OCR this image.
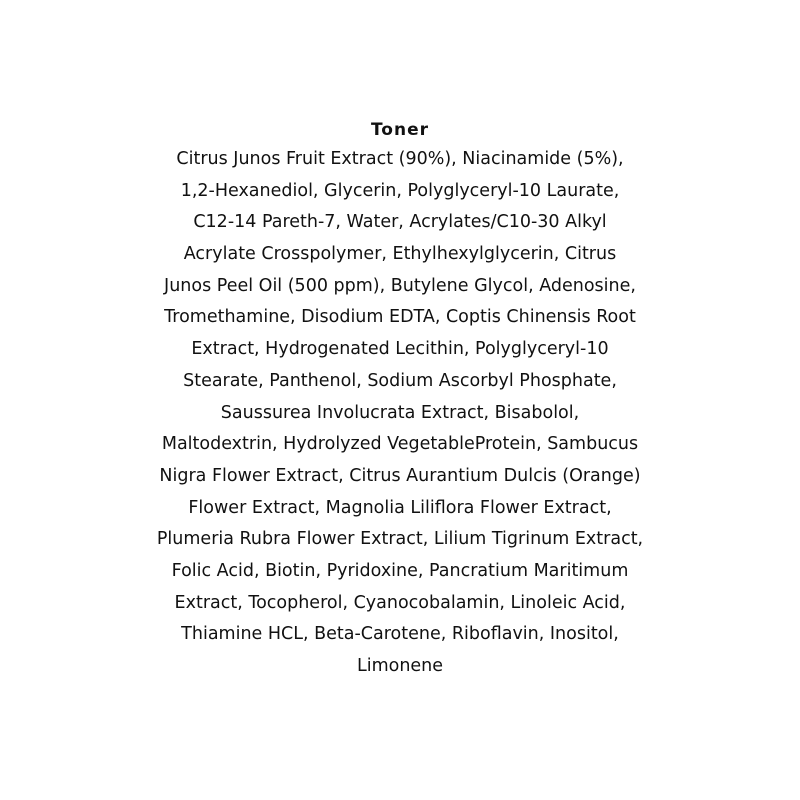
Toner
Citrus Junos Fruit Extract (90%), Niacinamide (5%),
1,2-Hexanediol, Glycerin, Polyglyceryl-10 Laurate,
C12-14 Pareth-7, Water, Acrylates/C10-30 Alkyl
Acrylate Crosspolymer, Ethylhexylglycerin, Citrus
Junos Peel Oil (500 ppm), Butylene Glycol, Adenosine,
Tromethamine, Disodium EDTA, Coptis Chinensis Root
Extract, Hydrogenated Lecithin, Polyglyceryl-10
Stearate, Panthenol, Sodium Ascorbyl Phosphate,
Saussurea Involucrata Extract, Bisabolol,
Maltodextrin, Hydrolyzed VegetableProtein, Sambucus
Nigra Flower Extract, Citrus Aurantium Dulcis (Orange)
Flower Extract, Magnolia Liliflora Flower Extract,
Plumeria Rubra Flower Extract, Lilium Tigrinum Extract,
Folic Acid, Biotin, Pyridoxine, Pancratium Maritimum
Extract, Tocopherol, Cyanocobalamin, Linoleic Acid,
Thiamine HCL, Beta-Carotene, Riboflavin, Inositol,
Limonene
